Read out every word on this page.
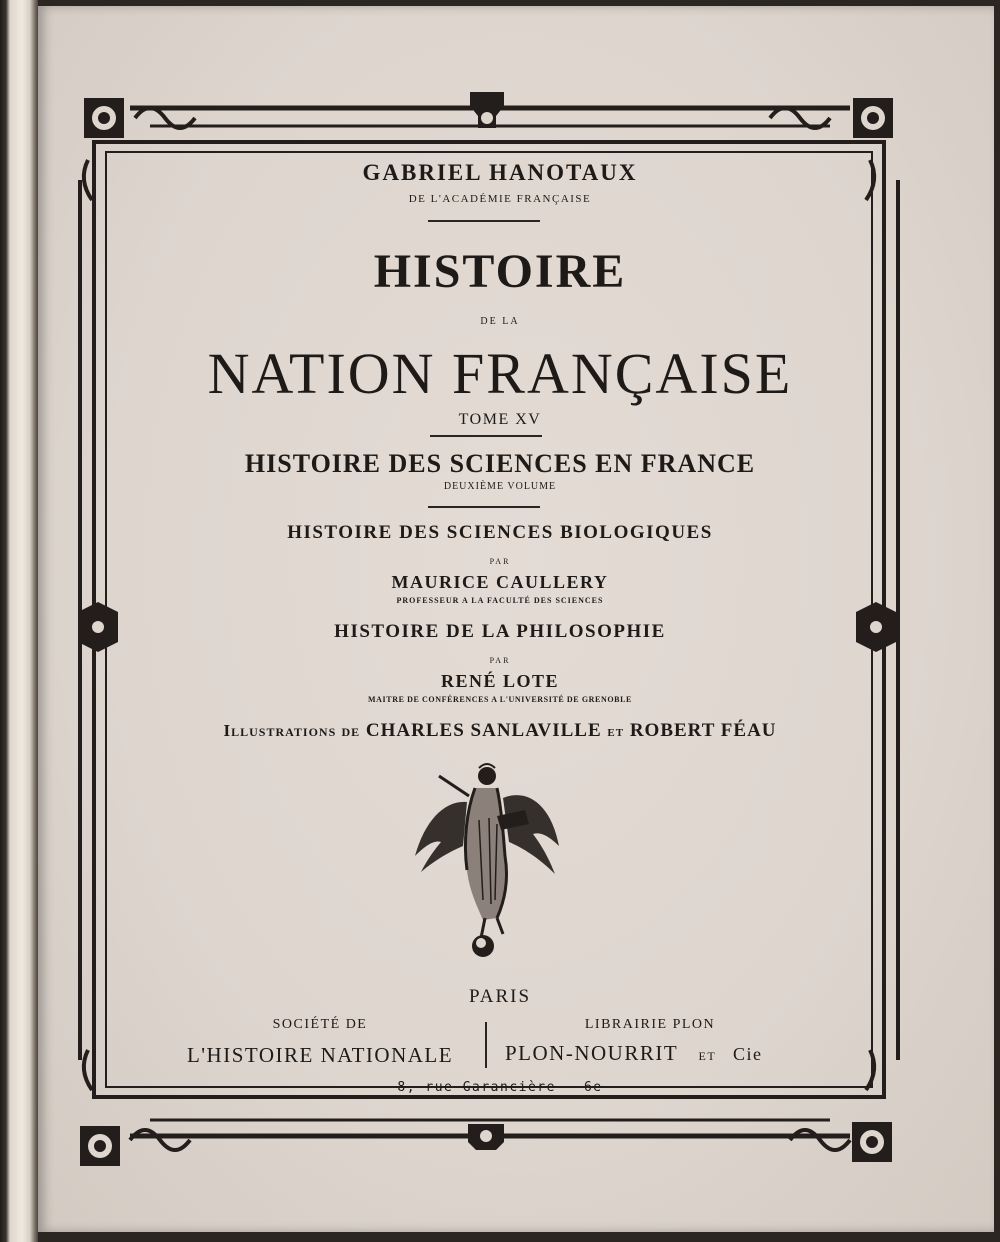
GABRIEL HANOTAUX
DE L'ACADÉMIE FRANÇAISE
HISTOIRE
DE LA
NATION FRANÇAISE
TOME XV
HISTOIRE DES SCIENCES EN FRANCE
DEUXIÈME VOLUME
HISTOIRE DES SCIENCES BIOLOGIQUES
PAR
MAURICE CAULLERY
PROFESSEUR A LA FACULTÉ DES SCIENCES
HISTOIRE DE LA PHILOSOPHIE
PAR
RENÉ LOTE
MAITRE DE CONFÉRENCES A L'UNIVERSITÉ DE GRENOBLE
Illustrations de CHARLES SANLAVILLE et ROBERT FÉAU
PARIS
SOCIÉTÉ DE
L'HISTOIRE NATIONALE
LIBRAIRIE PLON
PLON-NOURRIT ET Cie
8, rue Garancière — 6e
